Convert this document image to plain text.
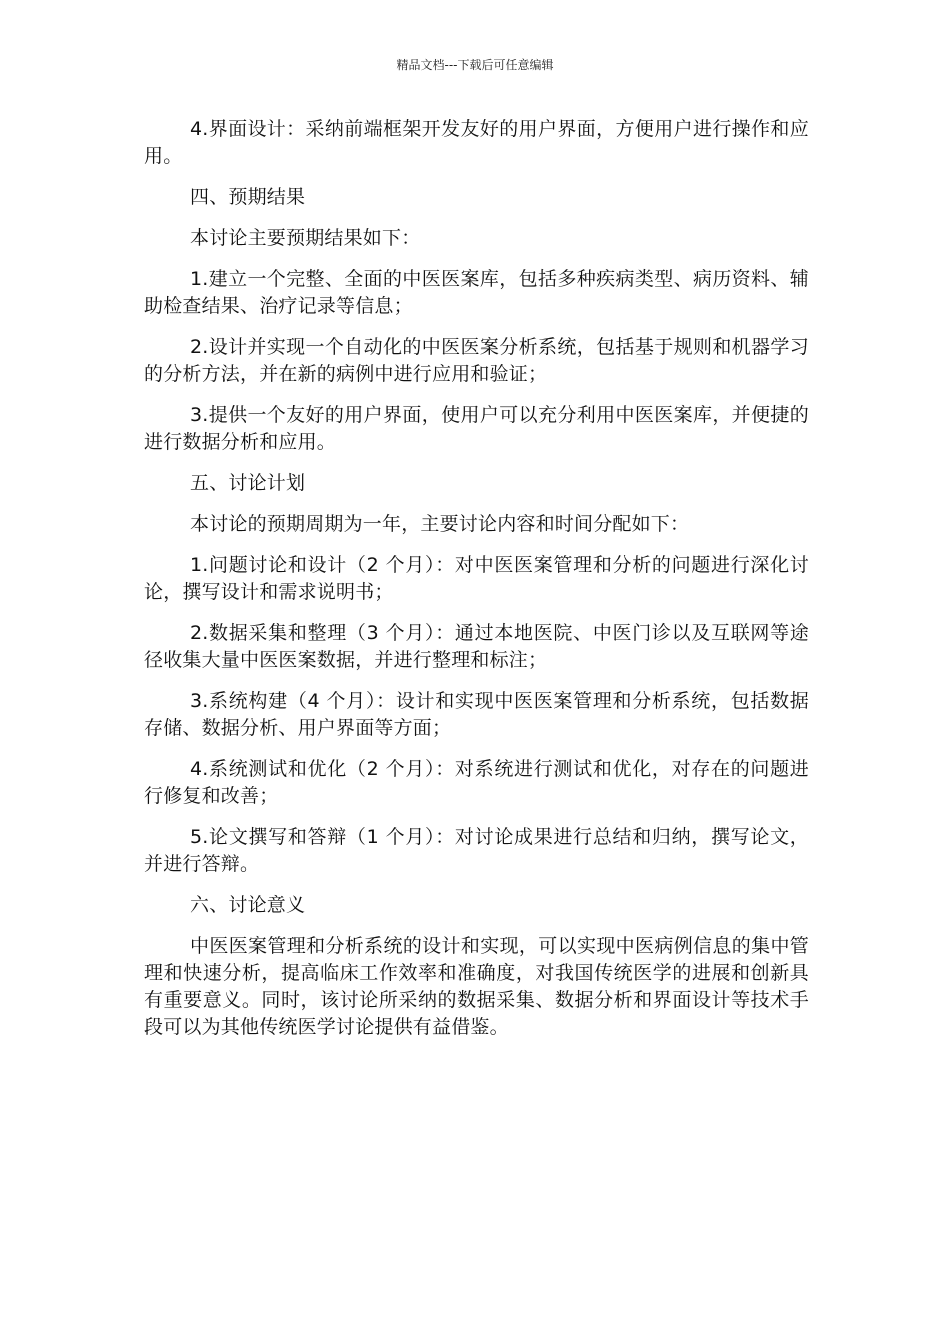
精品文档---下载后可任意编辑

4.界面设计：采纳前端框架开发友好的用户界面，方便用户进行操作和应用。

四、预期结果

本讨论主要预期结果如下：

1.建立一个完整、全面的中医医案库，包括多种疾病类型、病历资料、辅助检查结果、治疗记录等信息；

2.设计并实现一个自动化的中医医案分析系统，包括基于规则和机器学习的分析方法，并在新的病例中进行应用和验证；

3.提供一个友好的用户界面，使用户可以充分利用中医医案库，并便捷的进行数据分析和应用。

五、讨论计划

本讨论的预期周期为一年，主要讨论内容和时间分配如下：

1.问题讨论和设计（2 个月）：对中医医案管理和分析的问题进行深化讨论，撰写设计和需求说明书；

2.数据采集和整理（3 个月）：通过本地医院、中医门诊以及互联网等途径收集大量中医医案数据，并进行整理和标注；

3.系统构建（4 个月）：设计和实现中医医案管理和分析系统，包括数据存储、数据分析、用户界面等方面；

4.系统测试和优化（2 个月）：对系统进行测试和优化，对存在的问题进行修复和改善；

5.论文撰写和答辩（1 个月）：对讨论成果进行总结和归纳，撰写论文，并进行答辩。

六、讨论意义

中医医案管理和分析系统的设计和实现，可以实现中医病例信息的集中管理和快速分析，提高临床工作效率和准确度，对我国传统医学的进展和创新具有重要意义。同时，该讨论所采纳的数据采集、数据分析和界面设计等技术手段可以为其他传统医学讨论提供有益借鉴。
